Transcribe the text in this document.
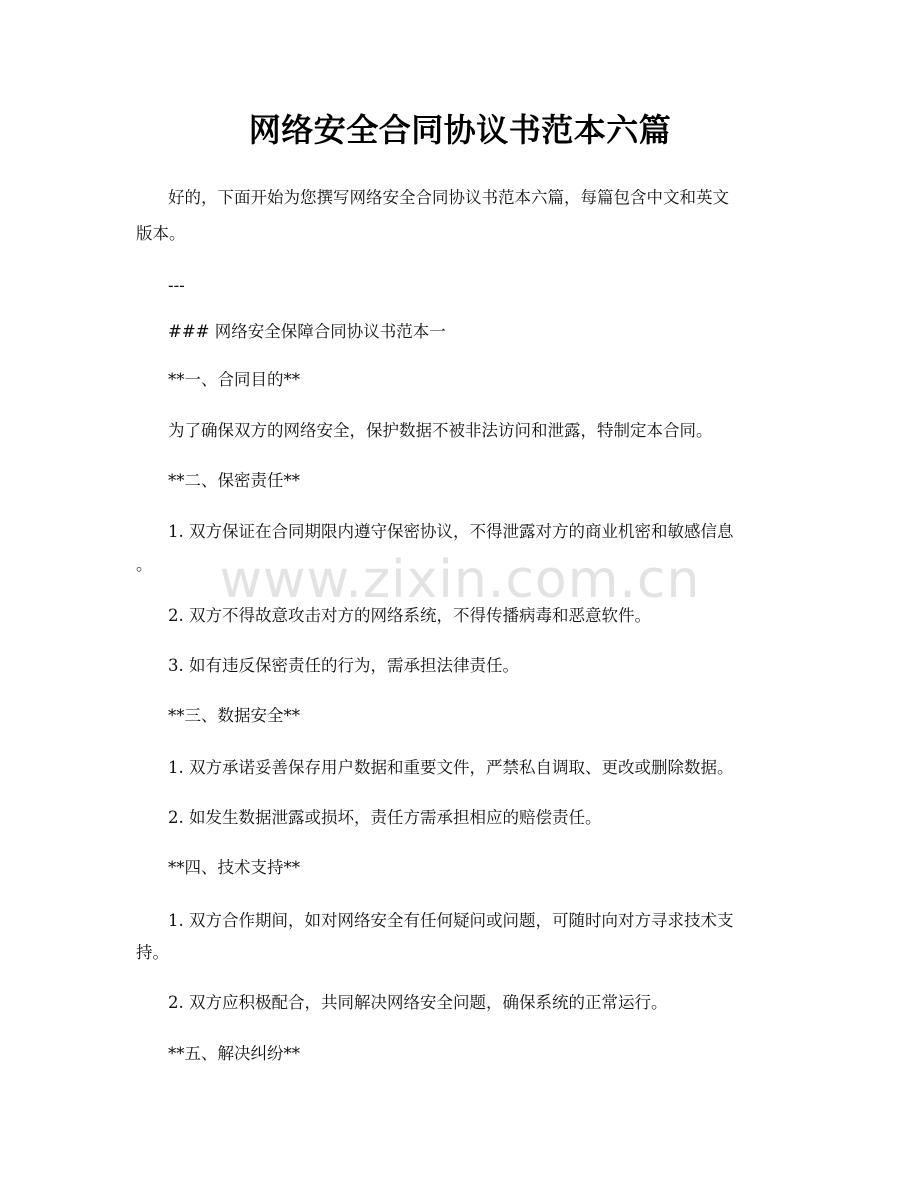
网络安全合同协议书范本六篇
好的，下面开始为您撰写网络安全合同协议书范本六篇，每篇包含中文和英文
版本。
---
### 网络安全保障合同协议书范本一
**一、合同目的**
为了确保双方的网络安全，保护数据不被非法访问和泄露，特制定本合同。
**二、保密责任**
1. 双方保证在合同期限内遵守保密协议，不得泄露对方的商业机密和敏感信息
。
2. 双方不得故意攻击对方的网络系统，不得传播病毒和恶意软件。
3. 如有违反保密责任的行为，需承担法律责任。
**三、数据安全**
1. 双方承诺妥善保存用户数据和重要文件，严禁私自调取、更改或删除数据。
2. 如发生数据泄露或损坏，责任方需承担相应的赔偿责任。
**四、技术支持**
1. 双方合作期间，如对网络安全有任何疑问或问题，可随时向对方寻求技术支
持。
2. 双方应积极配合，共同解决网络安全问题，确保系统的正常运行。
**五、解决纠纷**
www.zixin.com.cn
